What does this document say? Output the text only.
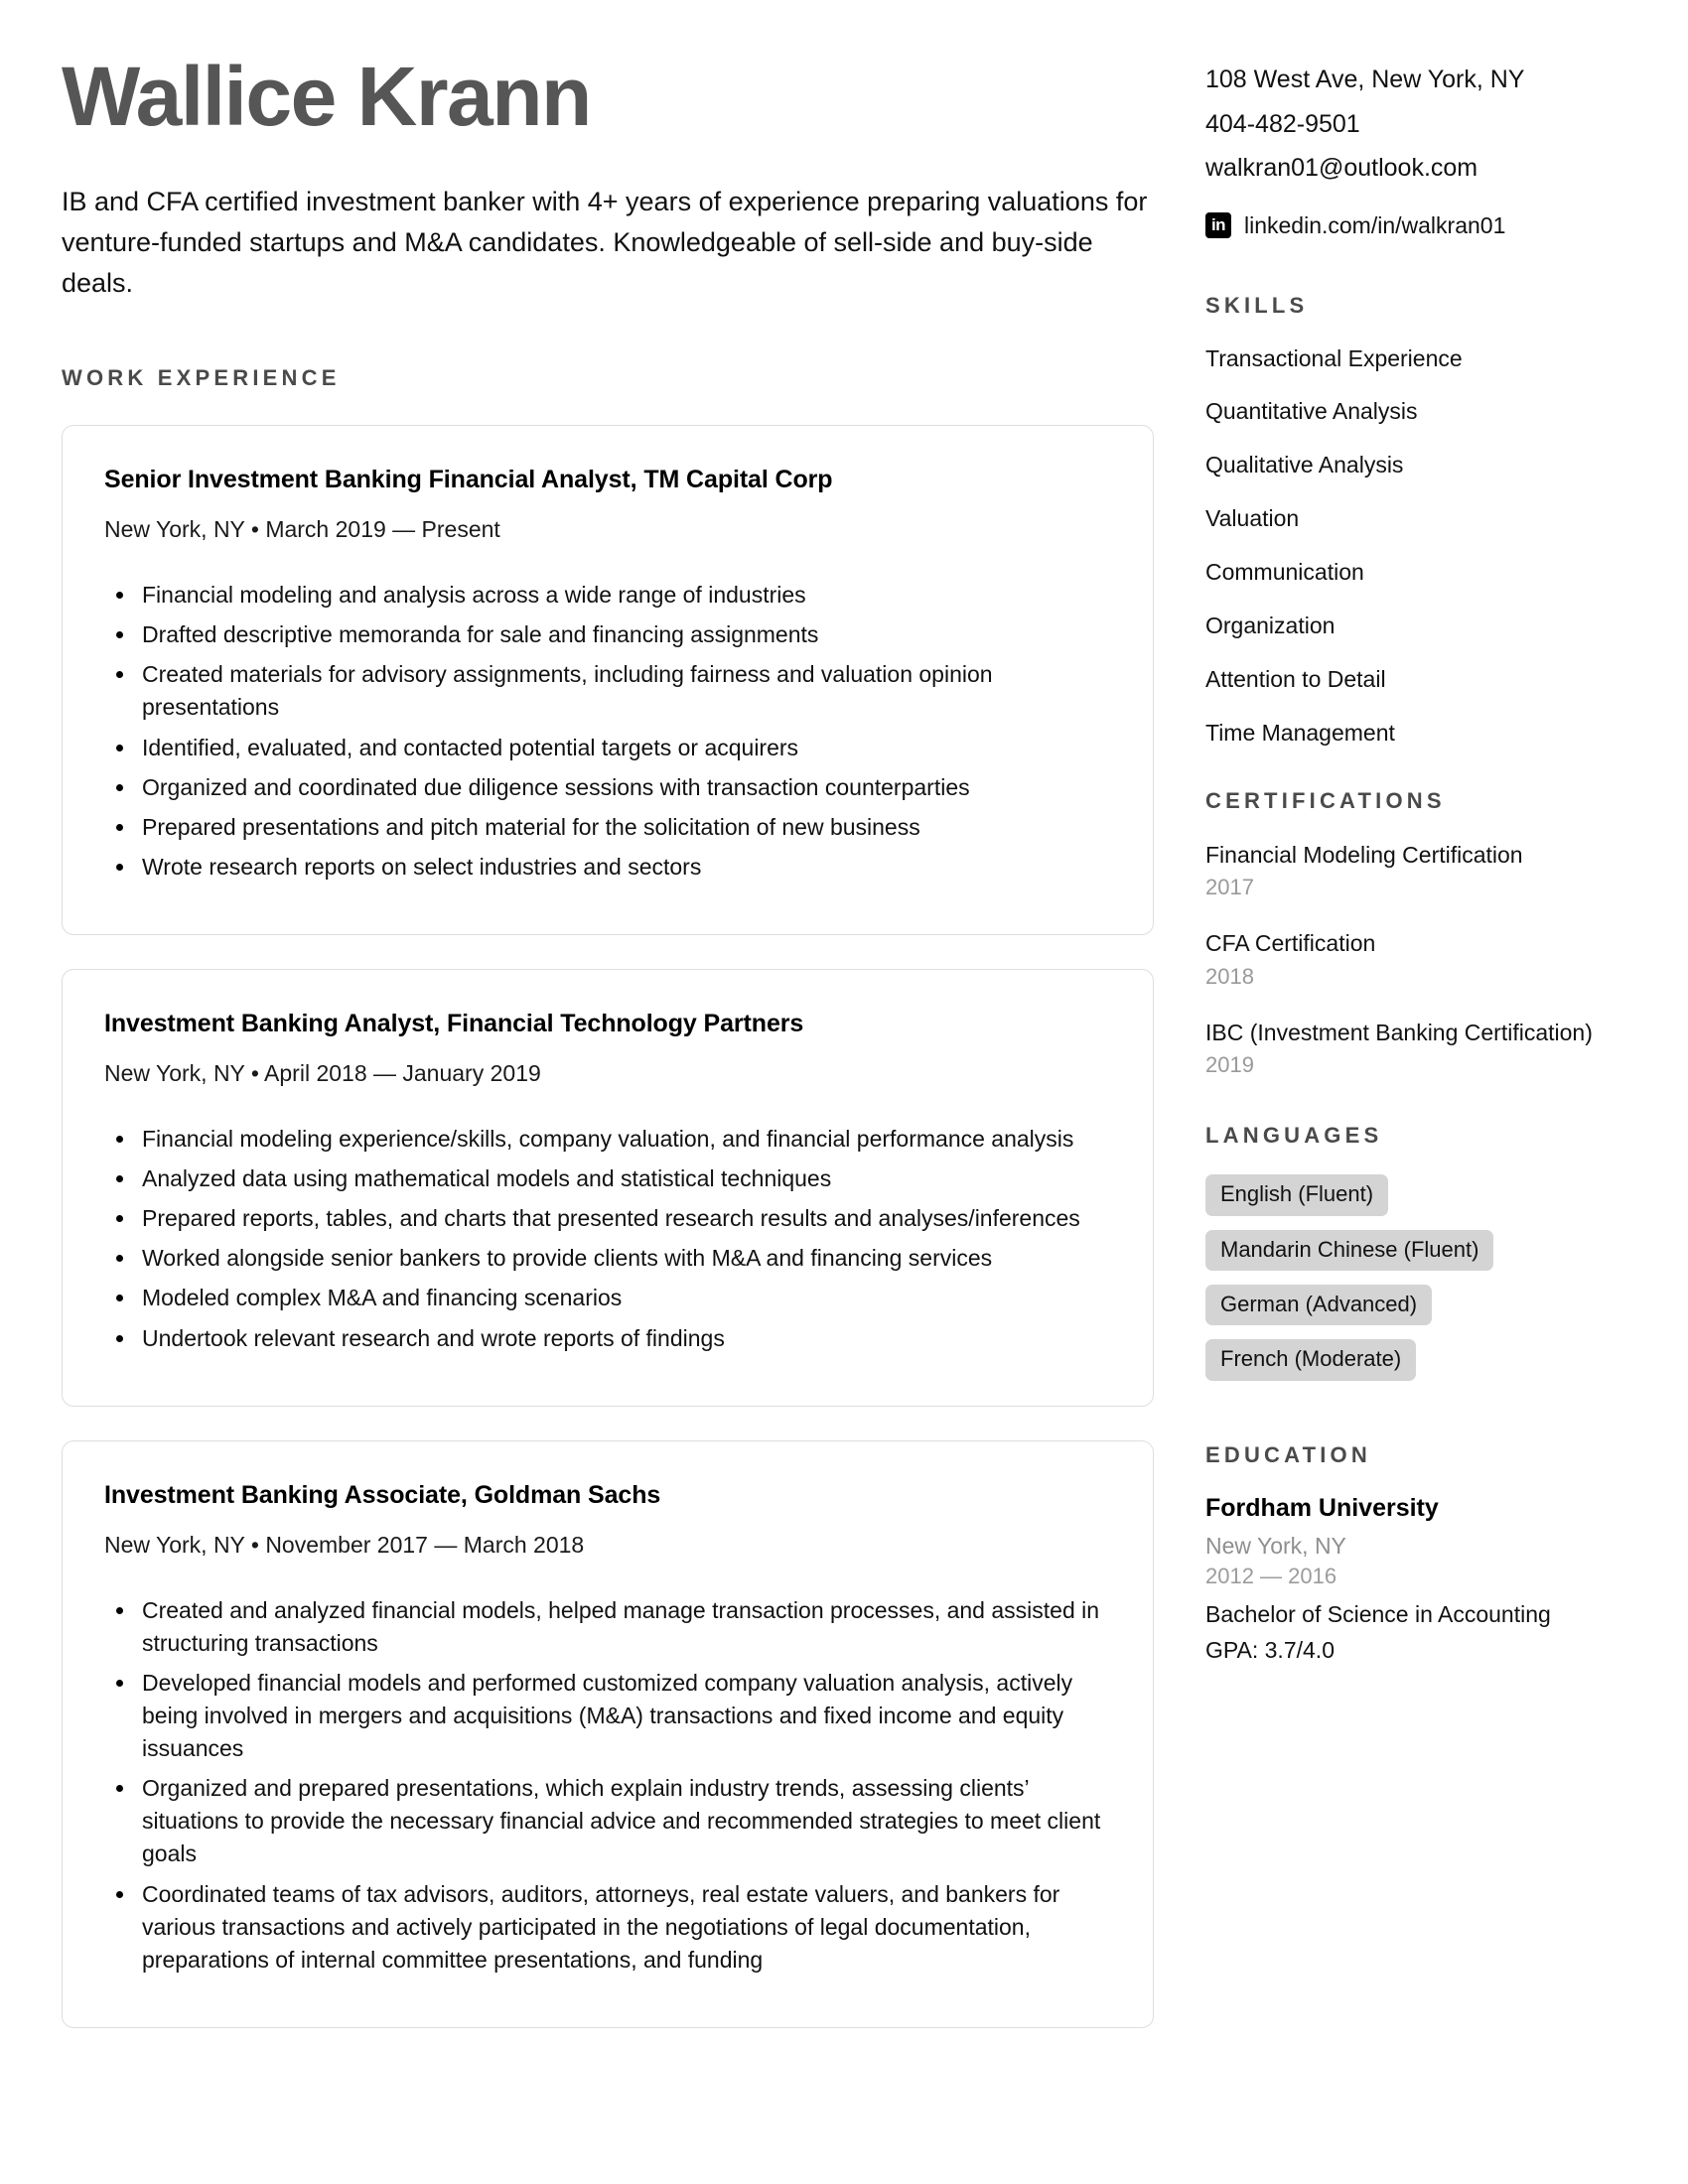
Wallice Krann

IB and CFA certified investment banker with 4+ years of experience preparing valuations for venture-funded startups and M&A candidates. Knowledgeable of sell-side and buy-side deals.

WORK EXPERIENCE
Senior Investment Banking Financial Analyst, TM Capital Corp
New York, NY • March 2019 — Present
Financial modeling and analysis across a wide range of industries
Drafted descriptive memoranda for sale and financing assignments
Created materials for advisory assignments, including fairness and valuation opinion presentations
Identified, evaluated, and contacted potential targets or acquirers
Organized and coordinated due diligence sessions with transaction counterparties
Prepared presentations and pitch material for the solicitation of new business
Wrote research reports on select industries and sectors
Investment Banking Analyst, Financial Technology Partners
New York, NY • April 2018 — January 2019
Financial modeling experience/skills, company valuation, and financial performance analysis
Analyzed data using mathematical models and statistical techniques
Prepared reports, tables, and charts that presented research results and analyses/inferences
Worked alongside senior bankers to provide clients with M&A and financing services
Modeled complex M&A and financing scenarios
Undertook relevant research and wrote reports of findings
Investment Banking Associate, Goldman Sachs
New York, NY • November 2017 — March 2018
Created and analyzed financial models, helped manage transaction processes, and assisted in structuring transactions
Developed financial models and performed customized company valuation analysis, actively being involved in mergers and acquisitions (M&A) transactions and fixed income and equity issuances
Organized and prepared presentations, which explain industry trends, assessing clients’ situations to provide the necessary financial advice and recommended strategies to meet client goals
Coordinated teams of tax advisors, auditors, attorneys, real estate valuers, and bankers for various transactions and actively participated in the negotiations of legal documentation, preparations of internal committee presentations, and funding
108 West Ave, New York, NY
404-482-9501
walkran01@outlook.com
in linkedin.com/in/walkran01
SKILLS
Transactional Experience
Quantitative Analysis
Qualitative Analysis
Valuation
Communication
Organization
Attention to Detail
Time Management
CERTIFICATIONS
Financial Modeling Certification
2017
CFA Certification
2018
IBC (Investment Banking Certification)
2019
LANGUAGES
English (Fluent)
Mandarin Chinese (Fluent)
German (Advanced)
French (Moderate)
EDUCATION
Fordham University
New York, NY
2012 — 2016
Bachelor of Science in Accounting
GPA: 3.7/4.0
